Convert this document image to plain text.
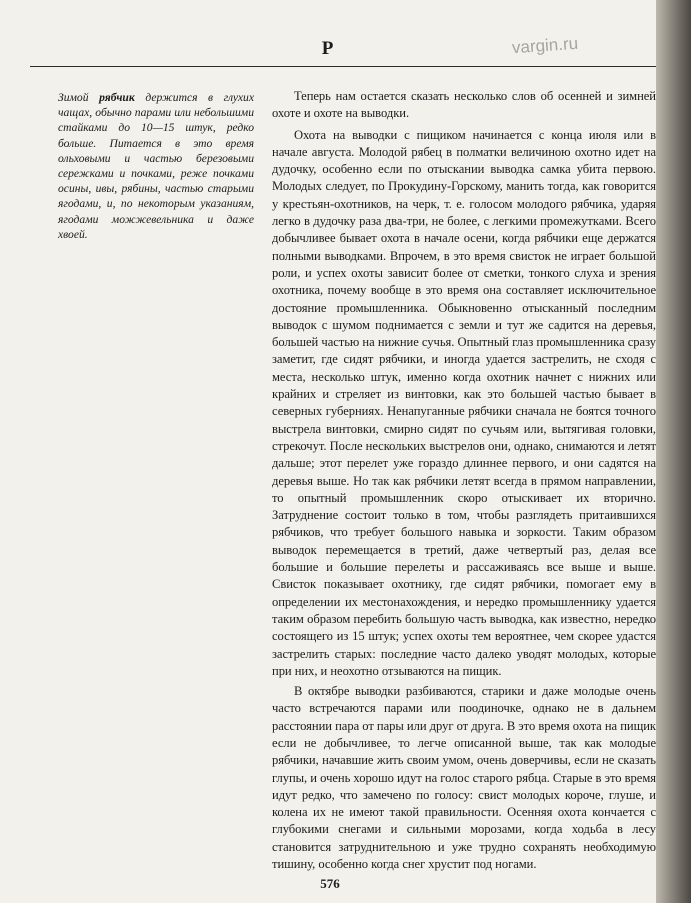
Р	vargin.ru
Зимой рябчик держится в глухих чащах, обычно парами или небольшими стайками до 10—15 штук, редко больше. Питается в это время ольховыми и частью березовыми сережками и почками, реже почками осины, ивы, рябины, частью старыми ягодами, и, по некоторым указаниям, ягодами можжевельника и даже хвоей.

Теперь нам остается сказать несколько слов об осенней и зимней охоте и охоте на выводки.

Охота на выводки с пищиком начинается с конца июля или в начале августа. Молодой рябец в полматки величиною охотно идет на дудочку, особенно если по отыскании выводка самка убита первою. Молодых следует, по Прокудину-Горскому, манить тогда, как говорится у крестьян-охотников, на черк, т. е. голосом молодого рябчика, ударяя легко в дудочку раза два-три, не более, с легкими промежутками. Всего добычливее бывает охота в начале осени, когда рябчики еще держатся полными выводками. Впрочем, в это время свисток не играет большой роли, и успех охоты зависит более от сметки, тонкого слуха и зрения охотника, почему вообще в это время она составляет исключительное достояние промышленника. Обыкновенно отысканный последним выводок с шумом поднимается с земли и тут же садится на деревья, большей частью на нижние сучья. Опытный глаз промышленника сразу заметит, где сидят рябчики, и иногда удается застрелить, не сходя с места, несколько штук, именно когда охотник начнет с нижних или крайних и стреляет из винтовки, как это большей частью бывает в северных губерниях. Ненапуганные рябчики сначала не боятся точного выстрела винтовки, смирно сидят по сучьям или, вытягивая головки, стрекочут. После нескольких выстрелов они, однако, снимаются и летят дальше; этот перелет уже гораздо длиннее первого, и они садятся на деревья выше. Но так как рябчики летят всегда в прямом направлении, то опытный промышленник скоро отыскивает их вторично. Затруднение состоит только в том, чтобы разглядеть притаившихся рябчиков, что требует большого навыка и зоркости. Таким образом выводок перемещается в третий, даже четвертый раз, делая все большие и большие перелеты и рассаживаясь все выше и выше. Свисток показывает охотнику, где сидят рябчики, помогает ему в определении их местонахождения, и нередко промышленнику удается таким образом перебить большую часть выводка, как известно, нередко состоящего из 15 штук; успех охоты тем вероятнее, чем скорее удастся застрелить старых: последние часто далеко уводят молодых, которые при них, и неохотно отзываются на пищик.

В октябре выводки разбиваются, старики и даже молодые очень часто встречаются парами или поодиночке, однако не в дальнем расстоянии пара от пары или друг от друга. В это время охота на пищик если не добычливее, то легче описанной выше, так как молодые рябчики, начавшие жить своим умом, очень доверчивы, если не сказать глупы, и очень хорошо идут на голос старого рябца. Старые в это время идут редко, что замечено по голосу: свист молодых короче, глуше, и колена их не имеют такой правильности. Осенняя охота кончается с глубокими снегами и сильными морозами, когда ходьба в лесу становится затруднительною и уже трудно сохранять необходимую тишину, особенно когда снег хрустит под ногами.

576
